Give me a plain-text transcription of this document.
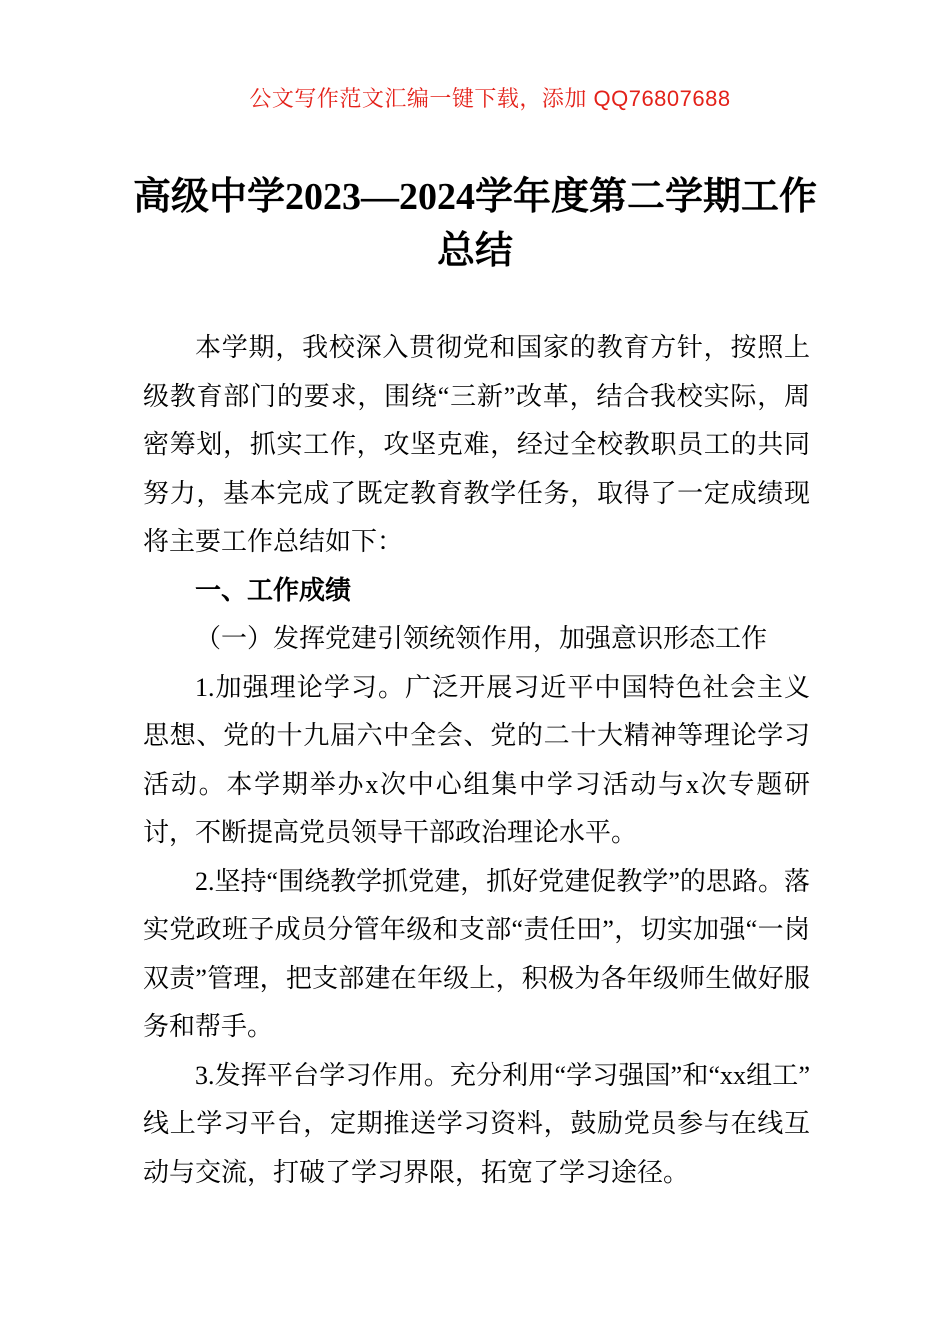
公文写作范文汇编一键下载，添加 QQ76807688
高级中学2023—2024学年度第二学期工作总结

本学期，我校深入贯彻党和国家的教育方针，按照上级教育部门的要求，围绕“三新”改革，结合我校实际，周密筹划，抓实工作，攻坚克难，经过全校教职员工的共同努力，基本完成了既定教育教学任务，取得了一定成绩现将主要工作总结如下：

一、工作成绩

（一）发挥党建引领统领作用，加强意识形态工作

1.加强理论学习。广泛开展习近平中国特色社会主义思想、党的十九届六中全会、党的二十大精神等理论学习活动。本学期举办x次中心组集中学习活动与x次专题研讨，不断提高党员领导干部政治理论水平。

2.坚持“围绕教学抓党建，抓好党建促教学”的思路。落实党政班子成员分管年级和支部“责任田”，切实加强“一岗双责”管理，把支部建在年级上，积极为各年级师生做好服务和帮手。

3.发挥平台学习作用。充分利用“学习强国”和“xx组工”线上学习平台，定期推送学习资料，鼓励党员参与在线互动与交流，打破了学习界限，拓宽了学习途径。
